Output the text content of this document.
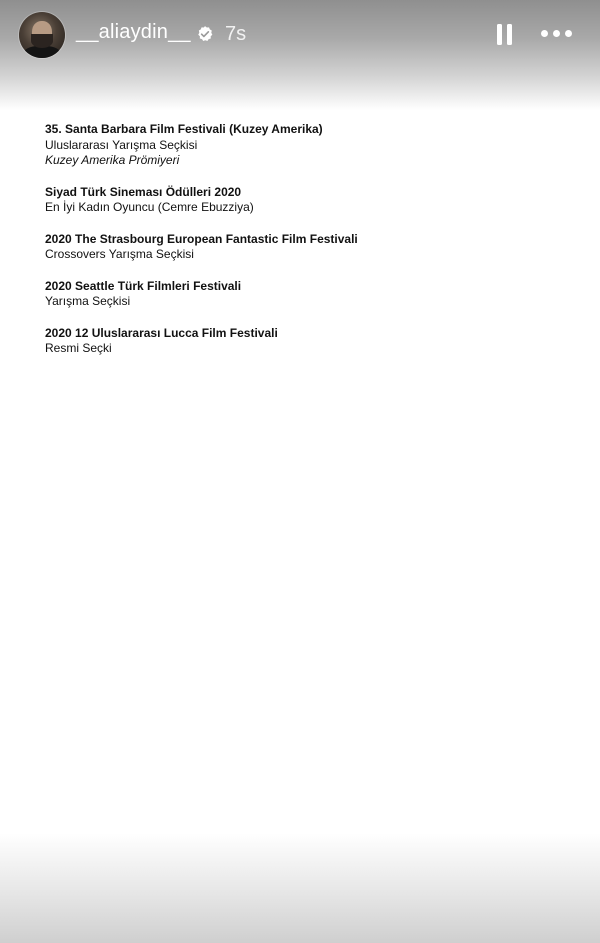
__aliaydin__ 7s
35. Santa Barbara Film Festivali (Kuzey Amerika)
Uluslararası Yarışma Seçkisi
Kuzey Amerika Prömiyeri
Siyad Türk Sineması Ödülleri 2020
En İyi Kadın Oyuncu (Cemre Ebuzziya)
2020 The Strasbourg European Fantastic Film Festivali
Crossovers Yarışma Seçkisi
2020 Seattle Türk Filmleri Festivali
Yarışma Seçkisi
2020 12 Uluslararası Lucca Film Festivali
Resmi Seçki
